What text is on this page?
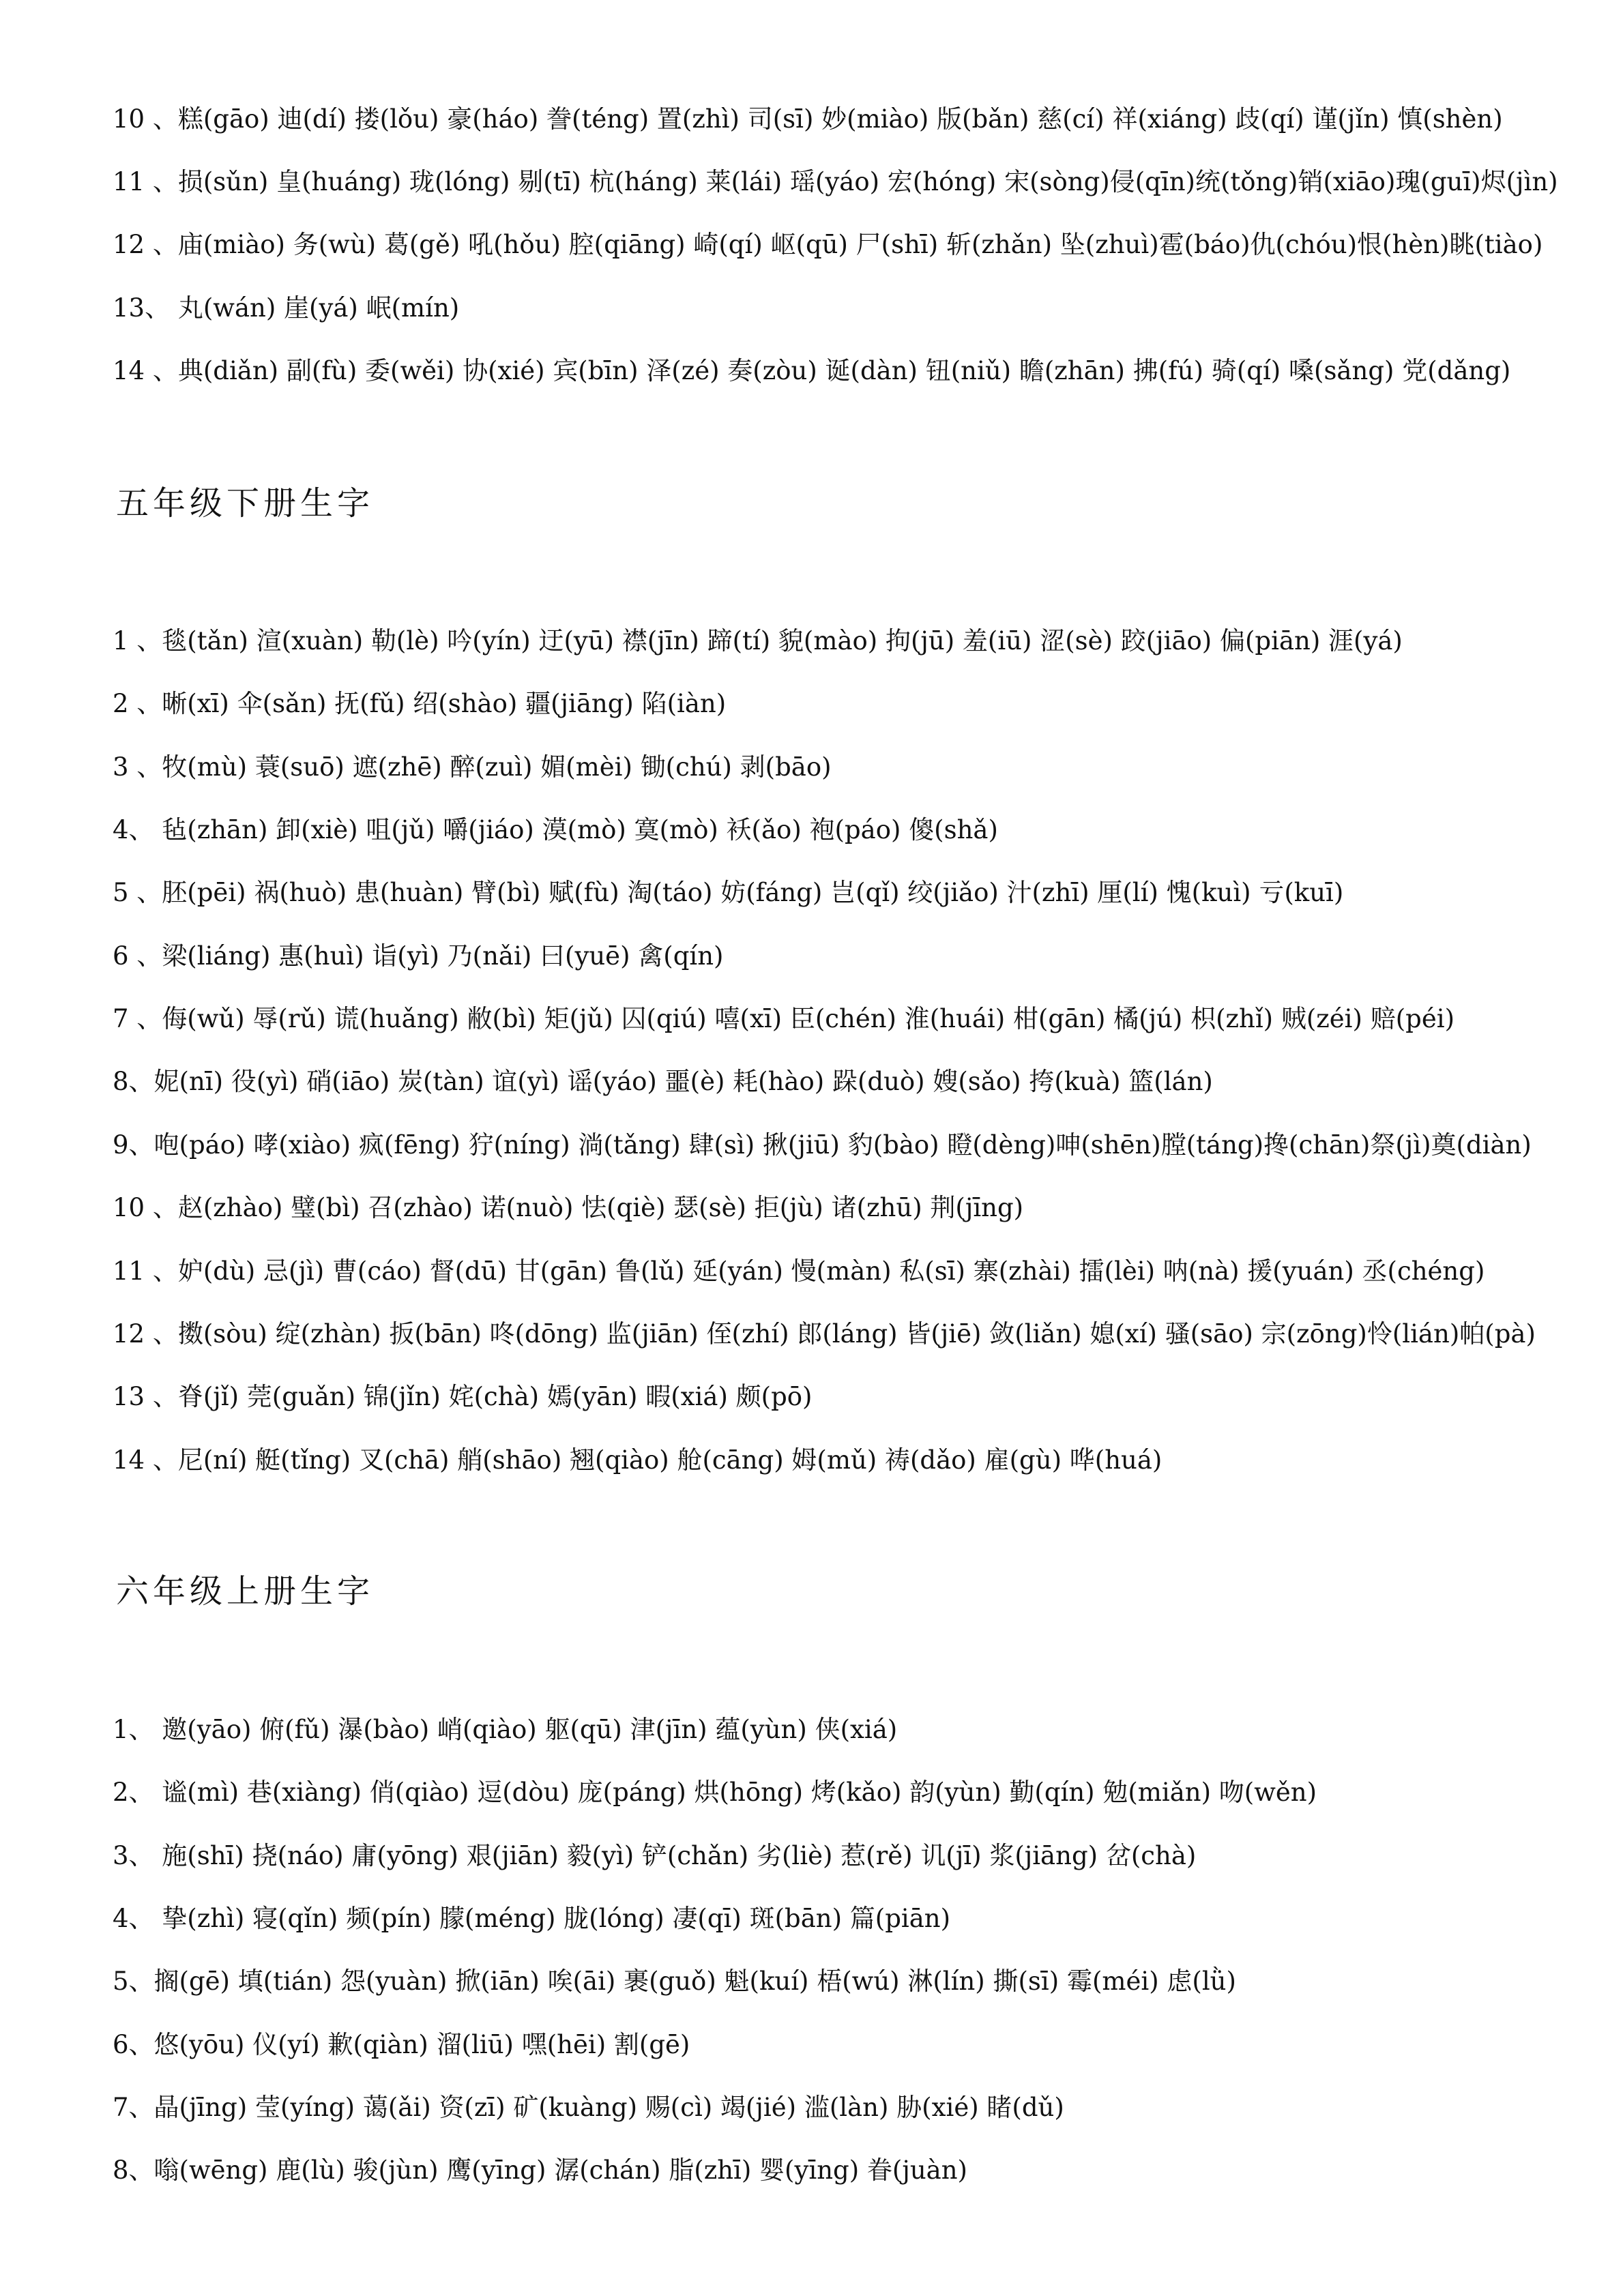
10 、糕(gāo) 迪(dí) 搂(lǒu) 豪(háo) 誊(téng) 置(zhì) 司(sī) 妙(miào) 版(bǎn) 慈(cí) 祥(xiáng) 歧(qí) 谨(jǐn) 慎(shèn)
11 、损(sǔn) 皇(huáng) 珑(lóng) 剔(tī) 杭(háng) 莱(lái) 瑶(yáo) 宏(hóng) 宋(sòng)侵(qīn)统(tǒng)销(xiāo)瑰(guī)烬(jìn)
12 、庙(miào) 务(wù) 葛(gě) 吼(hǒu) 腔(qiāng) 崎(qí) 岖(qū) 尸(shī) 斩(zhǎn) 坠(zhuì)雹(báo)仇(chóu)恨(hèn)眺(tiào)
13、 丸(wán) 崖(yá) 岷(mín)
14 、典(diǎn) 副(fù) 委(wěi) 协(xié) 宾(bīn) 泽(zé) 奏(zòu) 诞(dàn) 钮(niǔ) 瞻(zhān) 拂(fú) 骑(qí) 嗓(sǎng) 党(dǎng)
五年级下册生字
1 、毯(tǎn) 渲(xuàn) 勒(lè) 吟(yín) 迂(yū) 襟(jīn) 蹄(tí) 貌(mào) 拘(jū) 羞(iū) 涩(sè) 跤(jiāo) 偏(piān) 涯(yá)
2 、晰(xī) 伞(sǎn) 抚(fǔ) 绍(shào) 疆(jiāng) 陷(iàn)
3 、牧(mù) 蓑(suō) 遮(zhē) 醉(zuì) 媚(mèi) 锄(chú) 剥(bāo)
4、 毡(zhān) 卸(xiè) 咀(jǔ) 嚼(jiáo) 漠(mò) 寞(mò) 袄(ǎo) 袍(páo) 傻(shǎ)
5 、胚(pēi) 祸(huò) 患(huàn) 臂(bì) 赋(fù) 淘(táo) 妨(fáng) 岂(qǐ) 绞(jiǎo) 汁(zhī) 厘(lí) 愧(kuì) 亏(kuī)
6 、梁(liáng) 惠(huì) 诣(yì) 乃(nǎi) 曰(yuē) 禽(qín)
7 、侮(wǔ) 辱(rǔ) 谎(huǎng) 敝(bì) 矩(jǔ) 囚(qiú) 嘻(xī) 臣(chén) 淮(huái) 柑(gān) 橘(jú) 枳(zhǐ) 贼(zéi) 赔(péi)
8、妮(nī) 役(yì) 硝(iāo) 炭(tàn) 谊(yì) 谣(yáo) 噩(è) 耗(hào) 跺(duò) 嫂(sǎo) 挎(kuà) 篮(lán)
9、咆(páo) 哮(xiào) 疯(fēng) 狞(níng) 淌(tǎng) 肆(sì) 揪(jiū) 豹(bào) 瞪(dèng)呻(shēn)膛(táng)搀(chān)祭(jì)奠(diàn)
10 、赵(zhào) 璧(bì) 召(zhào) 诺(nuò) 怯(qiè) 瑟(sè) 拒(jù) 诸(zhū) 荆(jīng)
11 、妒(dù) 忌(jì) 曹(cáo) 督(dū) 甘(gān) 鲁(lǔ) 延(yán) 慢(màn) 私(sī) 寨(zhài) 擂(lèi) 呐(nà) 援(yuán) 丞(chéng)
12 、擞(sòu) 绽(zhàn) 扳(bān) 咚(dōng) 监(jiān) 侄(zhí) 郎(láng) 皆(jiē) 敛(liǎn) 媳(xí) 骚(sāo) 宗(zōng)怜(lián)帕(pà)
13 、脊(jǐ) 莞(guǎn) 锦(jǐn) 姹(chà) 嫣(yān) 暇(xiá) 颇(pō)
14 、尼(ní) 艇(tǐng) 叉(chā) 艄(shāo) 翘(qiào) 舱(cāng) 姆(mǔ) 祷(dǎo) 雇(gù) 哗(huá)
六年级上册生字
1、 邀(yāo) 俯(fǔ) 瀑(bào) 峭(qiào) 躯(qū) 津(jīn) 蕴(yùn) 侠(xiá)
2、 谧(mì) 巷(xiàng) 俏(qiào) 逗(dòu) 庞(páng) 烘(hōng) 烤(kǎo) 韵(yùn) 勤(qín) 勉(miǎn) 吻(wěn)
3、 施(shī) 挠(náo) 庸(yōng) 艰(jiān) 毅(yì) 铲(chǎn) 劣(liè) 惹(rě) 讥(jī) 浆(jiāng) 岔(chà)
4、 挚(zhì) 寝(qǐn) 频(pín) 朦(méng) 胧(lóng) 凄(qī) 斑(bān) 篇(piān)
5、搁(gē) 填(tián) 怨(yuàn) 掀(iān) 唉(āi) 裹(guǒ) 魁(kuí) 梧(wú) 淋(lín) 撕(sī) 霉(méi) 虑(lǜ)
6、悠(yōu) 仪(yí) 歉(qiàn) 溜(liū) 嘿(hēi) 割(gē)
7、晶(jīng) 莹(yíng) 蔼(ǎi) 资(zī) 矿(kuàng) 赐(cì) 竭(jié) 滥(làn) 胁(xié) 睹(dǔ)
8、嗡(wēng) 鹿(lù) 骏(jùn) 鹰(yīng) 潺(chán) 脂(zhī) 婴(yīng) 眷(juàn)
